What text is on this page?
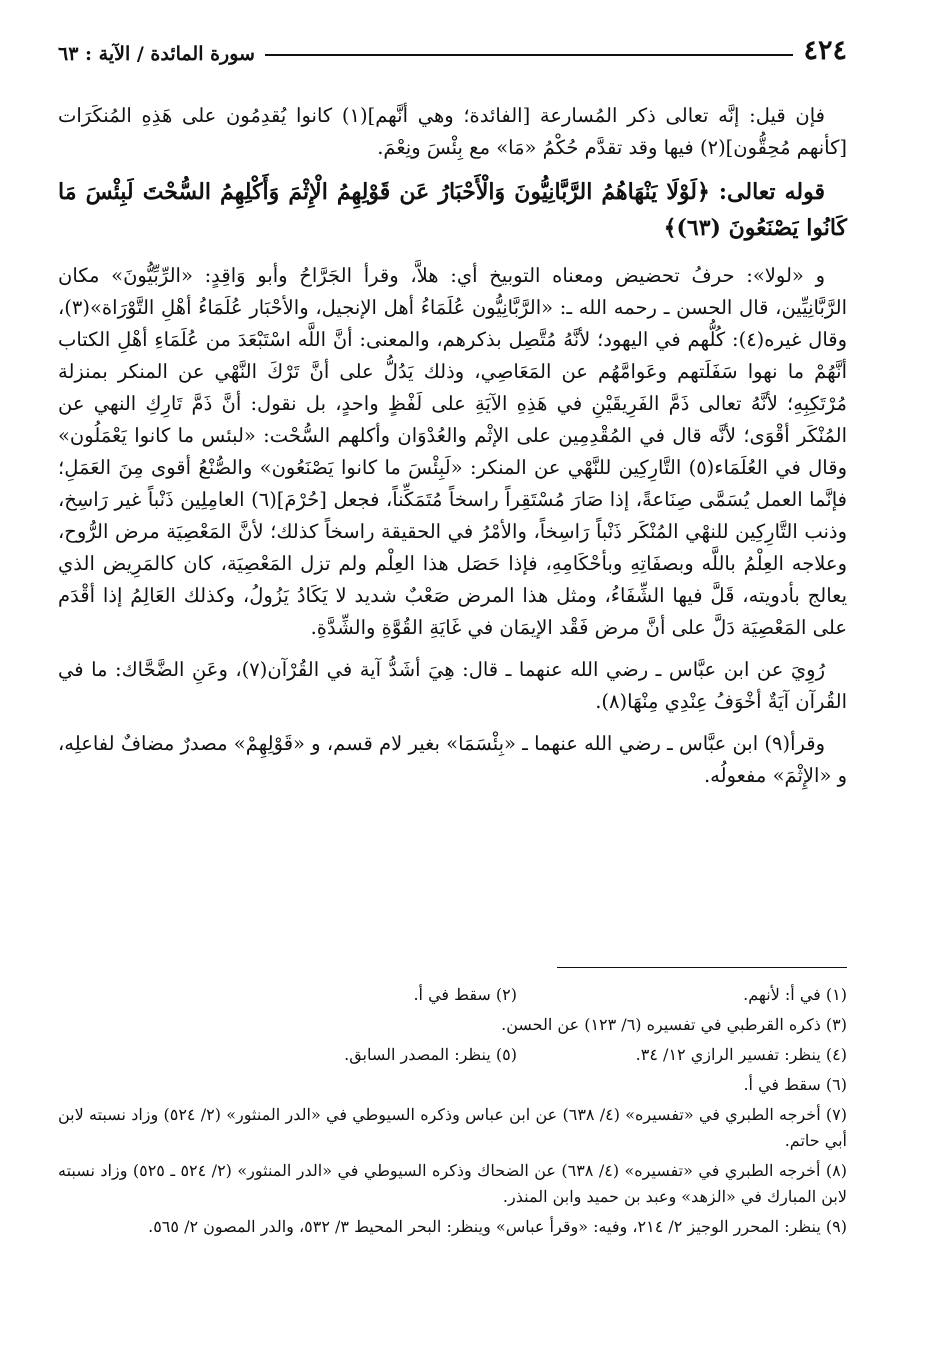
٤٢٤
سورة المائدة / الآية : ٦٣

فإن قيل: إنَّه تعالى ذكر المُسارعة [الفائدة؛ وهي أنَّهم](١) كانوا يُقدِمُون على هَذِهِ المُنكَرَات [كأنهم مُحِقُّون](٢) فيها وقد تقدَّم حُكْمُ «مَا» مع بِئْسَ ونِعْمَ.

قوله تعالى: ﴿لَوْلَا يَنْهَاهُمُ الرَّبَّانِيُّونَ وَالْأَحْبَارُ عَن قَوْلِهِمُ الْإِثْمَ وَأَكْلِهِمُ السُّحْتَ لَبِئْسَ مَا كَانُوا يَصْنَعُونَ (٦٣)﴾

و «لولا»: حرفُ تحضيض ومعناه التوبيخ أي: هلاَّ، وقرأ الجَرَّاحُ وأبو وَاقِدٍ: «الرِّبِّيُّونَ» مكان الرَّبَّانِيِّين، قال الحسن ـ رحمه الله ـ: «الرَّبَّانِيُّون عُلَمَاءُ أهل الإنجيل، والأحْبَار عُلَمَاءُ أهْلِ التَّوْرَاة»(٣)، وقال غيره(٤): كُلُّهم في اليهود؛ لأنَّهُ مُتَّصِل بذكرهم، والمعنى: أنَّ اللَّه اسْتَبْعَدَ من عُلَمَاءِ أهْلِ الكتاب أنَّهُمْ ما نهوا سَفَلَتهم وعَوامَّهُم عن المَعَاصِي، وذلك يَدُلُّ على أنَّ تَرْكَ النَّهْي عن المنكر بمنزلة مُرْتَكِبِهِ؛ لأنَّهُ تعالى ذَمَّ الفَرِيقَيْنِ في هَذِهِ الآيَةِ على لَفْظٍ واحدٍ، بل نقول: أنَّ ذَمَّ تَارِكِ النهي عن المُنْكَر أقْوَى؛ لأنَّه قال في المُقْدِمِين على الإثْم والعُدْوَان وأكلهم السُّحْت: «لبئس ما كانوا يَعْمَلُون» وقال في العُلَمَاء(٥) التَّارِكِين للنَّهْي عن المنكر: «لَبِئْسَ ما كانوا يَصْنَعُون» والصُّنْعُ أقوى مِنَ العَمَلِ؛ فإنَّما العمل يُسَمَّى صِنَاعةً، إذا صَارَ مُسْتَقِراً راسخاً مُتَمَكِّناً، فجعل [حُرْمَ](٦) العامِلِين ذَنْباً غير رَاسِخ، وذنب التَّارِكِين للنهْي المُنْكَر ذَنْباً رَاسِخاً، والأمْرُ في الحقيقة راسخاً كذلك؛ لأنَّ المَعْصِيَة مرض الرُّوح، وعلاجه العِلْمُ باللَّه وبصفَاتِهِ وبأحْكَامِهِ، فإذا حَصَل هذا العِلْم ولم تزل المَعْصِيَة، كان كالمَرِيض الذي يعالج بأدويته، قَلَّ فيها الشِّفَاءُ، ومثل هذا المرض صَعْبٌ شديد لا يَكَادُ يَزُولُ، وكذلك العَالِمُ إذا أقْدَم على المَعْصِيَة دَلَّ على أنَّ مرض فَقْد الإيمَان في غَايَةِ القُوَّةِ والشِّدَّةِ.

رُوِيَ عن ابن عبَّاس ـ رضي الله عنهما ـ قال: هِيَ أشَدُّ آية في القُرْآن(٧)، وعَنِ الضَّحَّاك: ما في القُرآن آيَةٌ أخْوَفُ عِنْدِي مِنْهَا(٨).

وقرأ(٩) ابن عبَّاس ـ رضي الله عنهما ـ «بِئْسَمَا» بغير لام قسم، و «قَوْلِهِمْ» مصدرٌ مضافٌ لفاعلِه، و «الإِثْمَ» مفعولُه.

(١) في أ: لأنهم.
(٢) سقط في أ.
(٣) ذكره القرطبي في تفسيره (٦/ ١٢٣) عن الحسن.
(٤) ينظر: تفسير الرازي ١٢/ ٣٤.
(٥) ينظر: المصدر السابق.
(٦) سقط في أ.
(٧) أخرجه الطبري في «تفسيره» (٤/ ٦٣٨) عن ابن عباس وذكره السيوطي في «الدر المنثور» (٢/ ٥٢٤) وزاد نسبته لابن أبي حاتم.
(٨) أخرجه الطبري في «تفسيره» (٤/ ٦٣٨) عن الضحاك وذكره السيوطي في «الدر المنثور» (٢/ ٥٢٤ ـ ٥٢٥) وزاد نسبته لابن المبارك في «الزهد» وعبد بن حميد وابن المنذر.
(٩) ينظر: المحرر الوجيز ٢/ ٢١٤، وفيه: «وقرأ عباس» وينظر: البحر المحيط ٣/ ٥٣٢، والدر المصون ٢/ ٥٦٥.
